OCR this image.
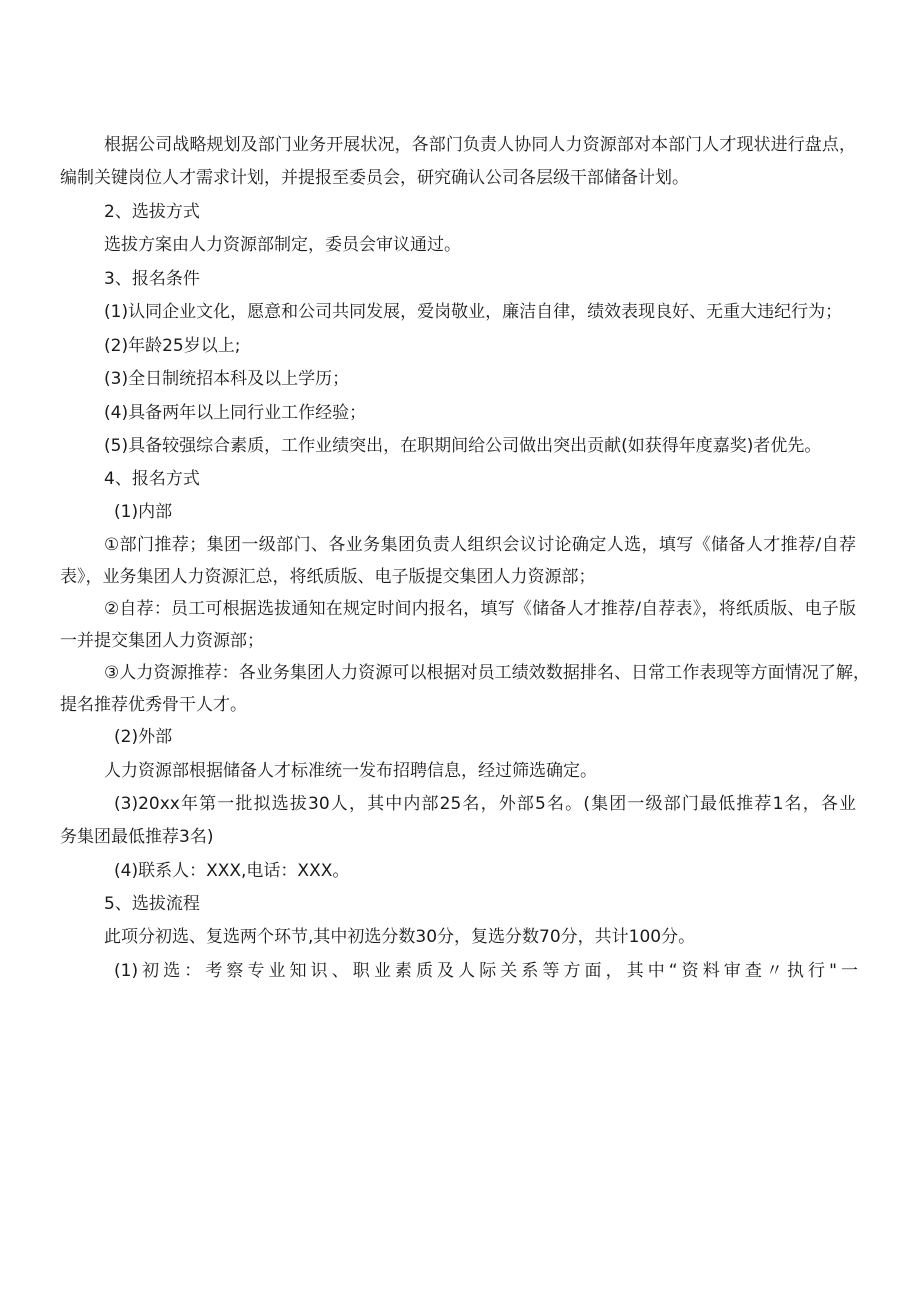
根据公司战略规划及部门业务开展状况，各部门负责人协同人力资源部对本部门人才现状进行盘点，
编制关键岗位人才需求计划，并提报至委员会，研究确认公司各层级干部储备计划。
2、选拔方式
选拔方案由人力资源部制定，委员会审议通过。
3、报名条件
(1)认同企业文化，愿意和公司共同发展，爱岗敬业，廉洁自律，绩效表现良好、无重大违纪行为；
(2)年龄25岁以上;
(3)全日制统招本科及以上学历；
(4)具备两年以上同行业工作经验；
(5)具备较强综合素质，工作业绩突出，在职期间给公司做出突出贡献(如获得年度嘉奖)者优先。
4、报名方式
(1)内部
①部门推荐；集团一级部门、各业务集团负责人组织会议讨论确定人选，填写《储备人才推荐/自荐
表》，业务集团人力资源汇总，将纸质版、电子版提交集团人力资源部；
②自荐：员工可根据选拔通知在规定时间内报名，填写《储备人才推荐/自荐表》，将纸质版、电子版
一并提交集团人力资源部；
③人力资源推荐：各业务集团人力资源可以根据对员工绩效数据排名、日常工作表现等方面情况了解，
提名推荐优秀骨干人才。
(2)外部
人力资源部根据储备人才标准统一发布招聘信息，经过筛选确定。
(3)20xx年第一批拟选拔30人，其中内部25名，外部5名。(集团一级部门最低推荐1名，各业
务集团最低推荐3名)
(4)联系人：XXX,电话：XXX。
5、选拔流程
此项分初选、复选两个环节,其中初选分数30分，复选分数70分，共计100分。
(1)初选：考察专业知识、职业素质及人际关系等方面，其中“资料审查〃执行"一
